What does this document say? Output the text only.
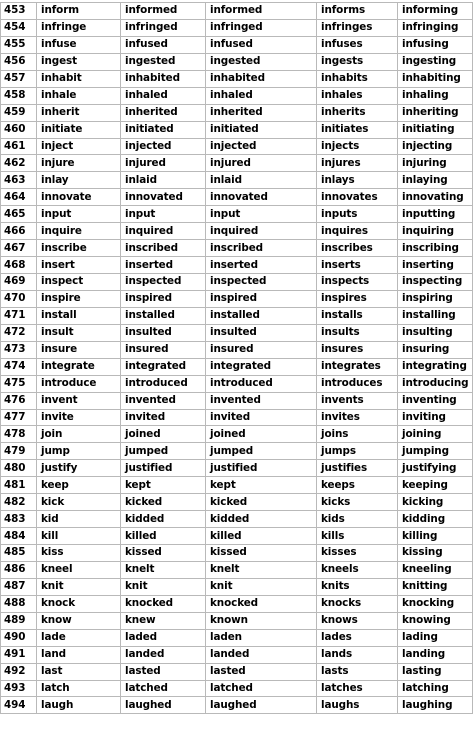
453	inform	informed	informed	informs	informing
454	infringe	infringed	infringed	infringes	infringing
455	infuse	infused	infused	infuses	infusing
456	ingest	ingested	ingested	ingests	ingesting
457	inhabit	inhabited	inhabited	inhabits	inhabiting
458	inhale	inhaled	inhaled	inhales	inhaling
459	inherit	inherited	inherited	inherits	inheriting
460	initiate	initiated	initiated	initiates	initiating
461	inject	injected	injected	injects	injecting
462	injure	injured	injured	injures	injuring
463	inlay	inlaid	inlaid	inlays	inlaying
464	innovate	innovated	innovated	innovates	innovating
465	input	input	input	inputs	inputting
466	inquire	inquired	inquired	inquires	inquiring
467	inscribe	inscribed	inscribed	inscribes	inscribing
468	insert	inserted	inserted	inserts	inserting
469	inspect	inspected	inspected	inspects	inspecting
470	inspire	inspired	inspired	inspires	inspiring
471	install	installed	installed	installs	installing
472	insult	insulted	insulted	insults	insulting
473	insure	insured	insured	insures	insuring
474	integrate	integrated	integrated	integrates	integrating
475	introduce	introduced	introduced	introduces	introducing
476	invent	invented	invented	invents	inventing
477	invite	invited	invited	invites	inviting
478	join	joined	joined	joins	joining
479	jump	jumped	jumped	jumps	jumping
480	justify	justified	justified	justifies	justifying
481	keep	kept	kept	keeps	keeping
482	kick	kicked	kicked	kicks	kicking
483	kid	kidded	kidded	kids	kidding
484	kill	killed	killed	kills	killing
485	kiss	kissed	kissed	kisses	kissing
486	kneel	knelt	knelt	kneels	kneeling
487	knit	knit	knit	knits	knitting
488	knock	knocked	knocked	knocks	knocking
489	know	knew	known	knows	knowing
490	lade	laded	laden	lades	lading
491	land	landed	landed	lands	landing
492	last	lasted	lasted	lasts	lasting
493	latch	latched	latched	latches	latching
494	laugh	laughed	laughed	laughs	laughing
